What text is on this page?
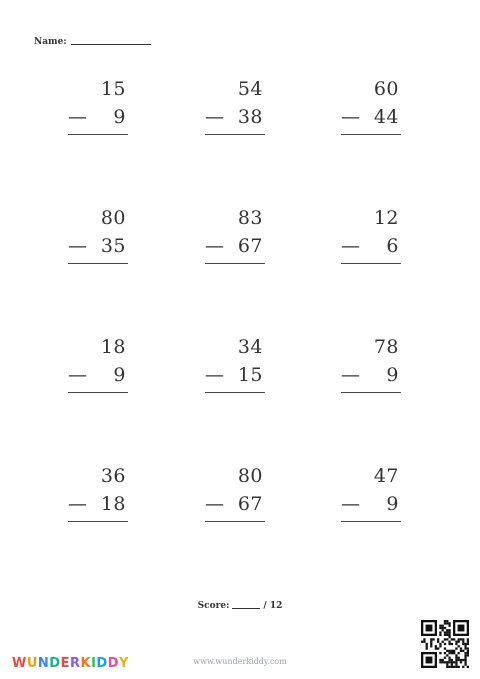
Name:
15
— 9
54
— 38
60
— 44
80
— 35
83
— 67
12
— 6
18
— 9
34
— 15
78
— 9
36
— 18
80
— 67
47
— 9
Score:	/ 12
WUNDERKIDDY	www.wunderkiddy.com
